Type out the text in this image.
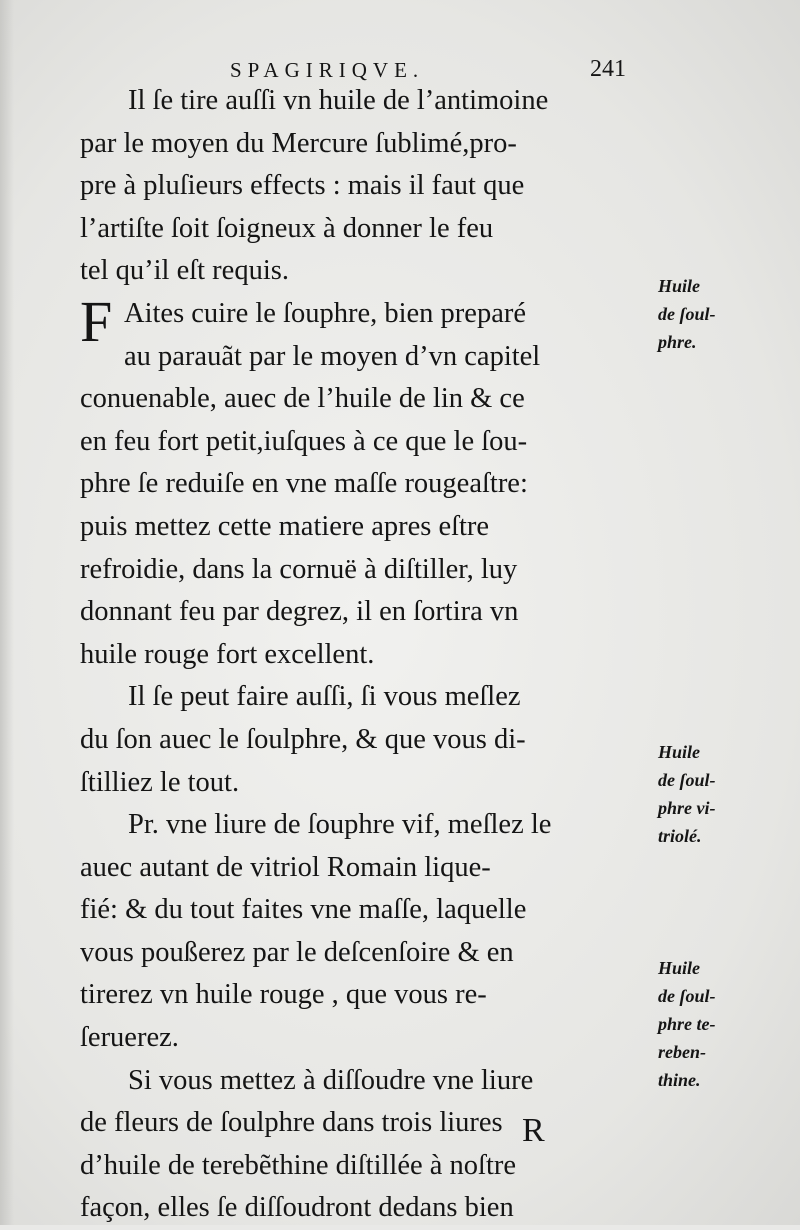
SPAGIRIQVE.	241
Il ſe tire auſſi vn huile de l’antimoine
par le moyen du Mercure ſublimé,pro-
pre à pluſieurs effects : mais il faut que
l’artiſte ſoit ſoigneux à donner le feu
tel qu’il eſt requis.
F Aites cuire le ſouphre, bien preparé
au parauãt par le moyen d’vn capitel
conuenable, auec de l’huile de lin & ce
en feu fort petit,iuſques à ce que le ſou-
phre ſe reduiſe en vne maſſe rougeaſtre:
puis mettez cette matiere apres eſtre
refroidie, dans la cornuë à diſtiller, luy
donnant feu par degrez, il en ſortira vn
huile rouge fort excellent.
Il ſe peut faire auſſi, ſi vous meſlez
du ſon auec le ſoulphre, & que vous di-
ſtilliez le tout.
Pr. vne liure de ſouphre vif, meſlez le
auec autant de vitriol Romain lique-
fié: & du tout faites vne maſſe, laquelle
vous poußerez par le deſcenſoire & en
tirerez vn huile rouge , que vous re-
ſeruerez.
Si vous mettez à diſſoudre vne liure
de fleurs de ſoulphre dans trois liures
d’huile de terebẽthine diſtillée à noſtre
façon, elles ſe diſſoudront dedans bien
Huile
de ſoul-
phre.
Huile
de ſoul-
phre vi-
triolé.
Huile
de ſoul-
phre te-
reben-
thine.
R
